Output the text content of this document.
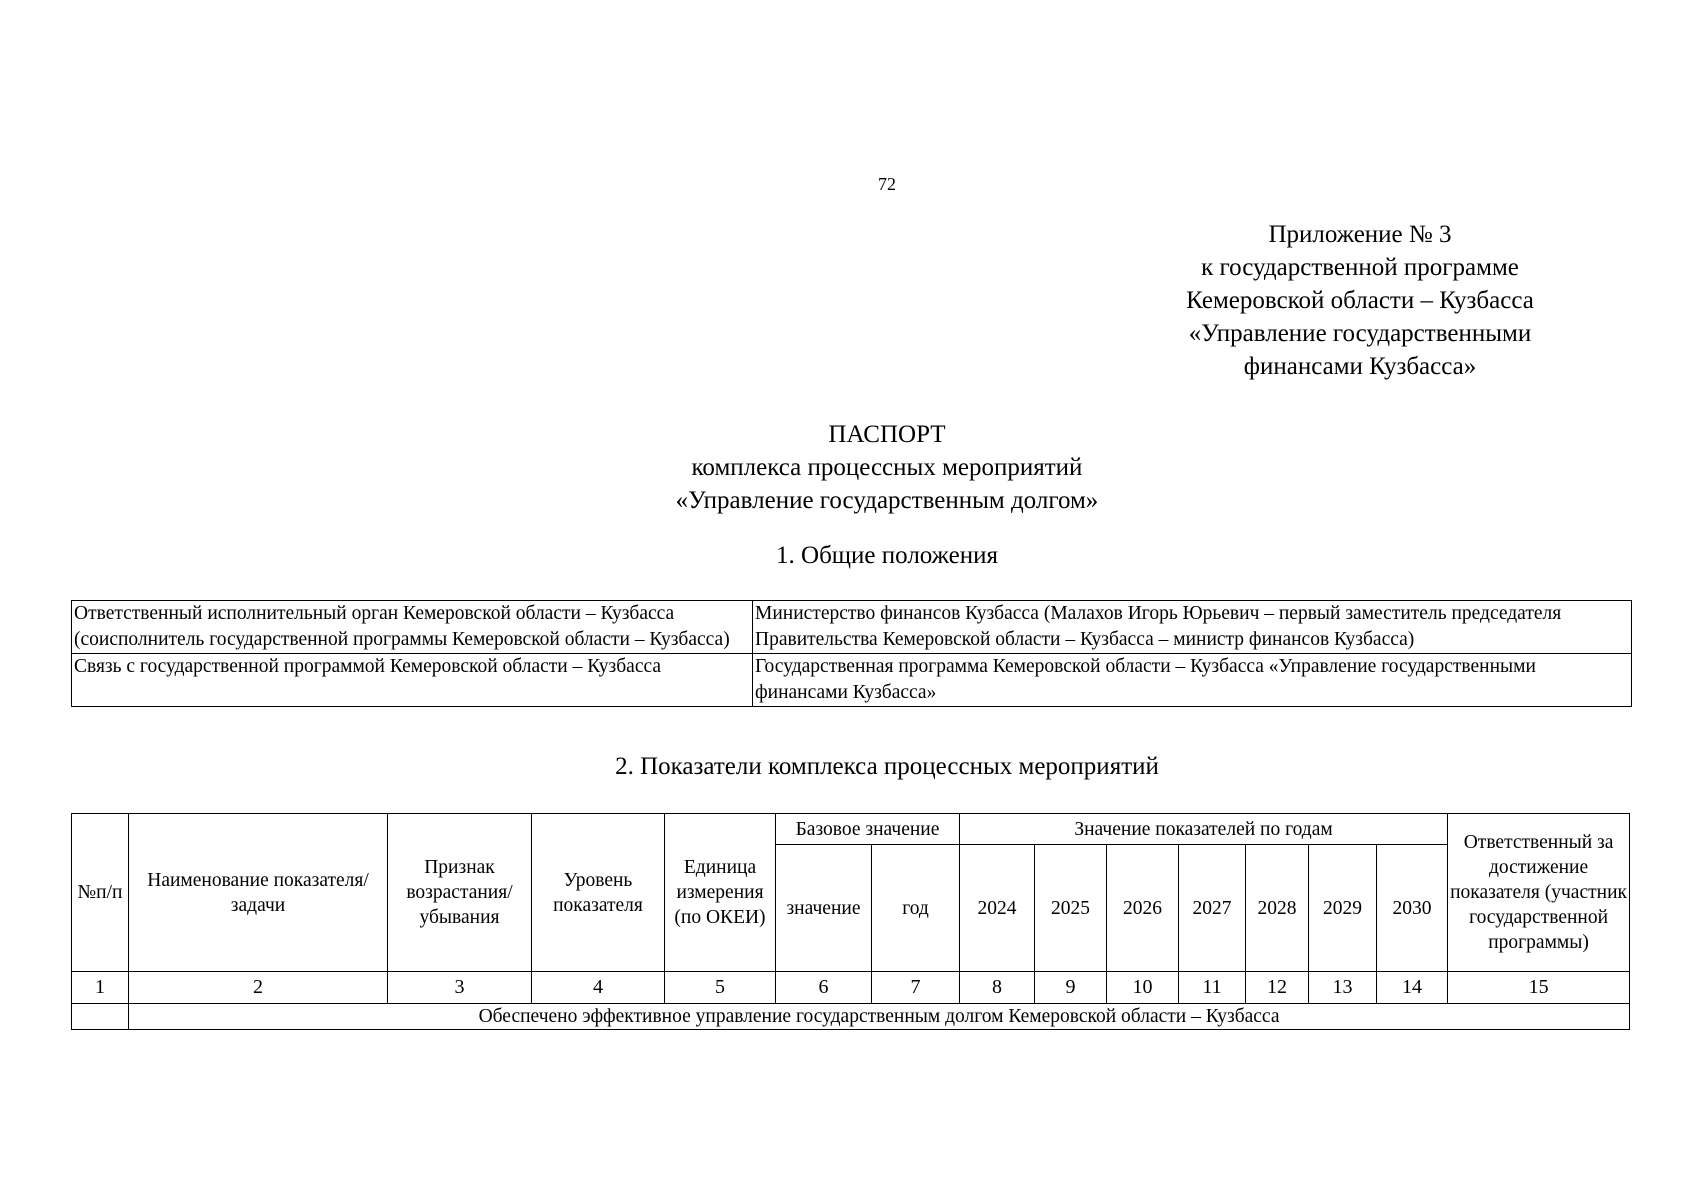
72
Приложение № 3
к государственной программе
Кемеровской области – Кузбасса
«Управление государственными
финансами Кузбасса»
ПАСПОРТ
комплекса процессных мероприятий
«Управление государственным долгом»
1. Общие положения
Ответственный исполнительный орган Кемеровской области – Кузбасса (соисполнитель государственной программы Кемеровской области – Кузбасса)	Министерство финансов Кузбасса (Малахов Игорь Юрьевич – первый заместитель председателя Правительства Кемеровской области – Кузбасса – министр финансов Кузбасса)
Связь с государственной программой Кемеровской области – Кузбасса	Государственная программа Кемеровской области – Кузбасса «Управление государственными финансами Кузбасса»
2. Показатели комплекса процессных мероприятий
№п/п	Наименование показателя/задачи	Признак возрастания/ убывания	Уровень показателя	Единица измерения (по ОКЕИ)	Базовое значение		Значение показателей по годам							Ответственный за достижение показателя (участник государственной программы)
					значение	год	2024	2025	2026	2027	2028	2029	2030	
1	2	3	4	5	6	7	8	9	10	11	12	13	14	15
	Обеспечено эффективное управление государственным долгом Кемеровской области – Кузбасса													
